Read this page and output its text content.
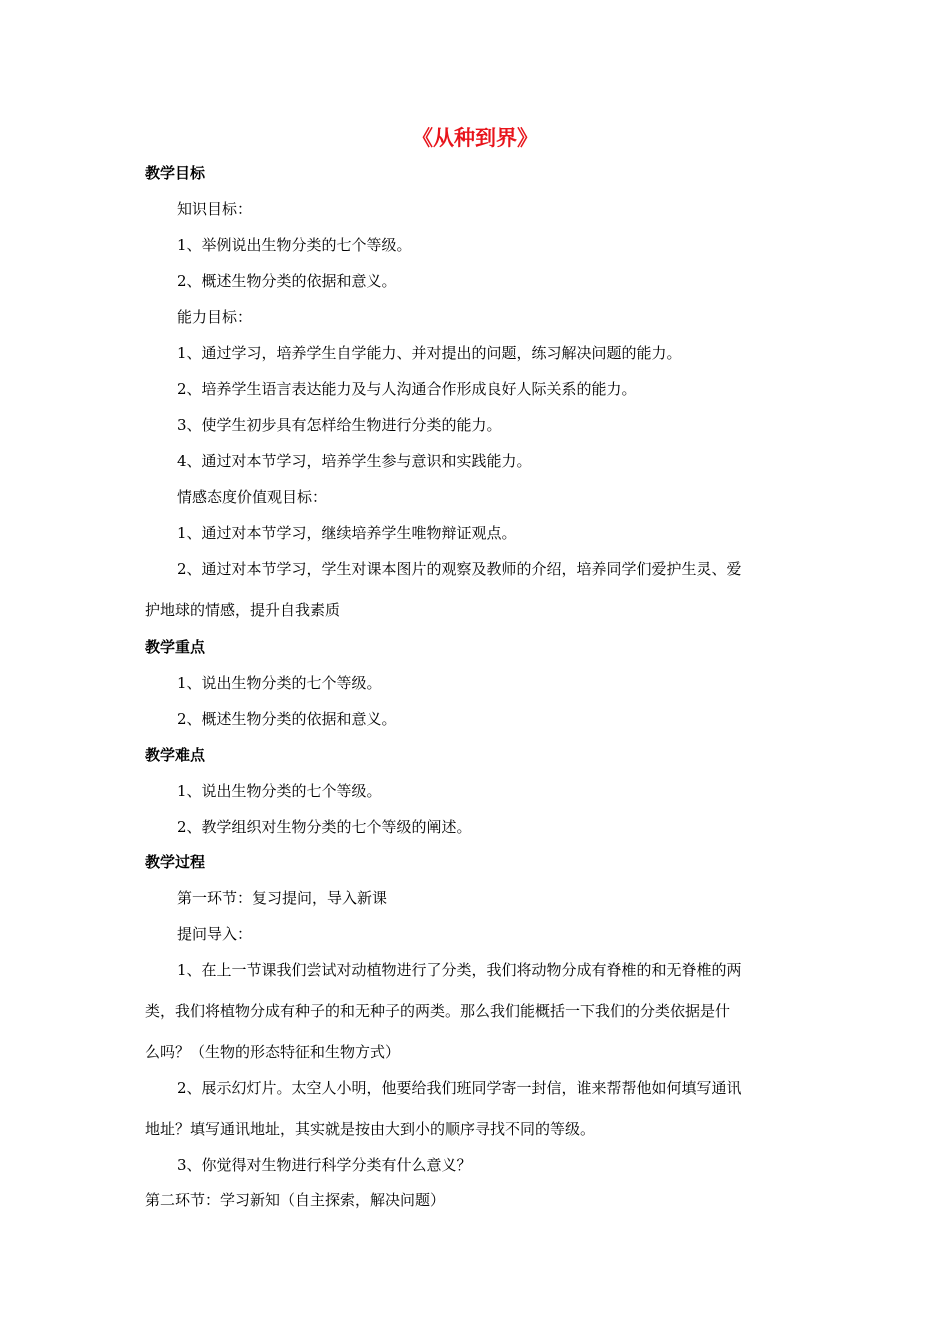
《从种到界》
教学目标
知识目标：
1、举例说出生物分类的七个等级。
2、概述生物分类的依据和意义。
能力目标：
1、通过学习，培养学生自学能力、并对提出的问题，练习解决问题的能力。
2、培养学生语言表达能力及与人沟通合作形成良好人际关系的能力。
3、使学生初步具有怎样给生物进行分类的能力。
4、通过对本节学习，培养学生参与意识和实践能力。
情感态度价值观目标：
1、通过对本节学习，继续培养学生唯物辩证观点。
2、通过对本节学习，学生对课本图片的观察及教师的介绍，培养同学们爱护生灵、爱
护地球的情感，提升自我素质
教学重点
1、说出生物分类的七个等级。
2、概述生物分类的依据和意义。
教学难点
1、说出生物分类的七个等级。
2、教学组织对生物分类的七个等级的阐述。
教学过程
第一环节：复习提问，导入新课
提问导入：
1、在上一节课我们尝试对动植物进行了分类，我们将动物分成有脊椎的和无脊椎的两
类，我们将植物分成有种子的和无种子的两类。那么我们能概括一下我们的分类依据是什
么吗？（生物的形态特征和生物方式）
2、展示幻灯片。太空人小明，他要给我们班同学寄一封信，谁来帮帮他如何填写通讯
地址？填写通讯地址，其实就是按由大到小的顺序寻找不同的等级。
3、你觉得对生物进行科学分类有什么意义？
第二环节：学习新知（自主探索，解决问题）
